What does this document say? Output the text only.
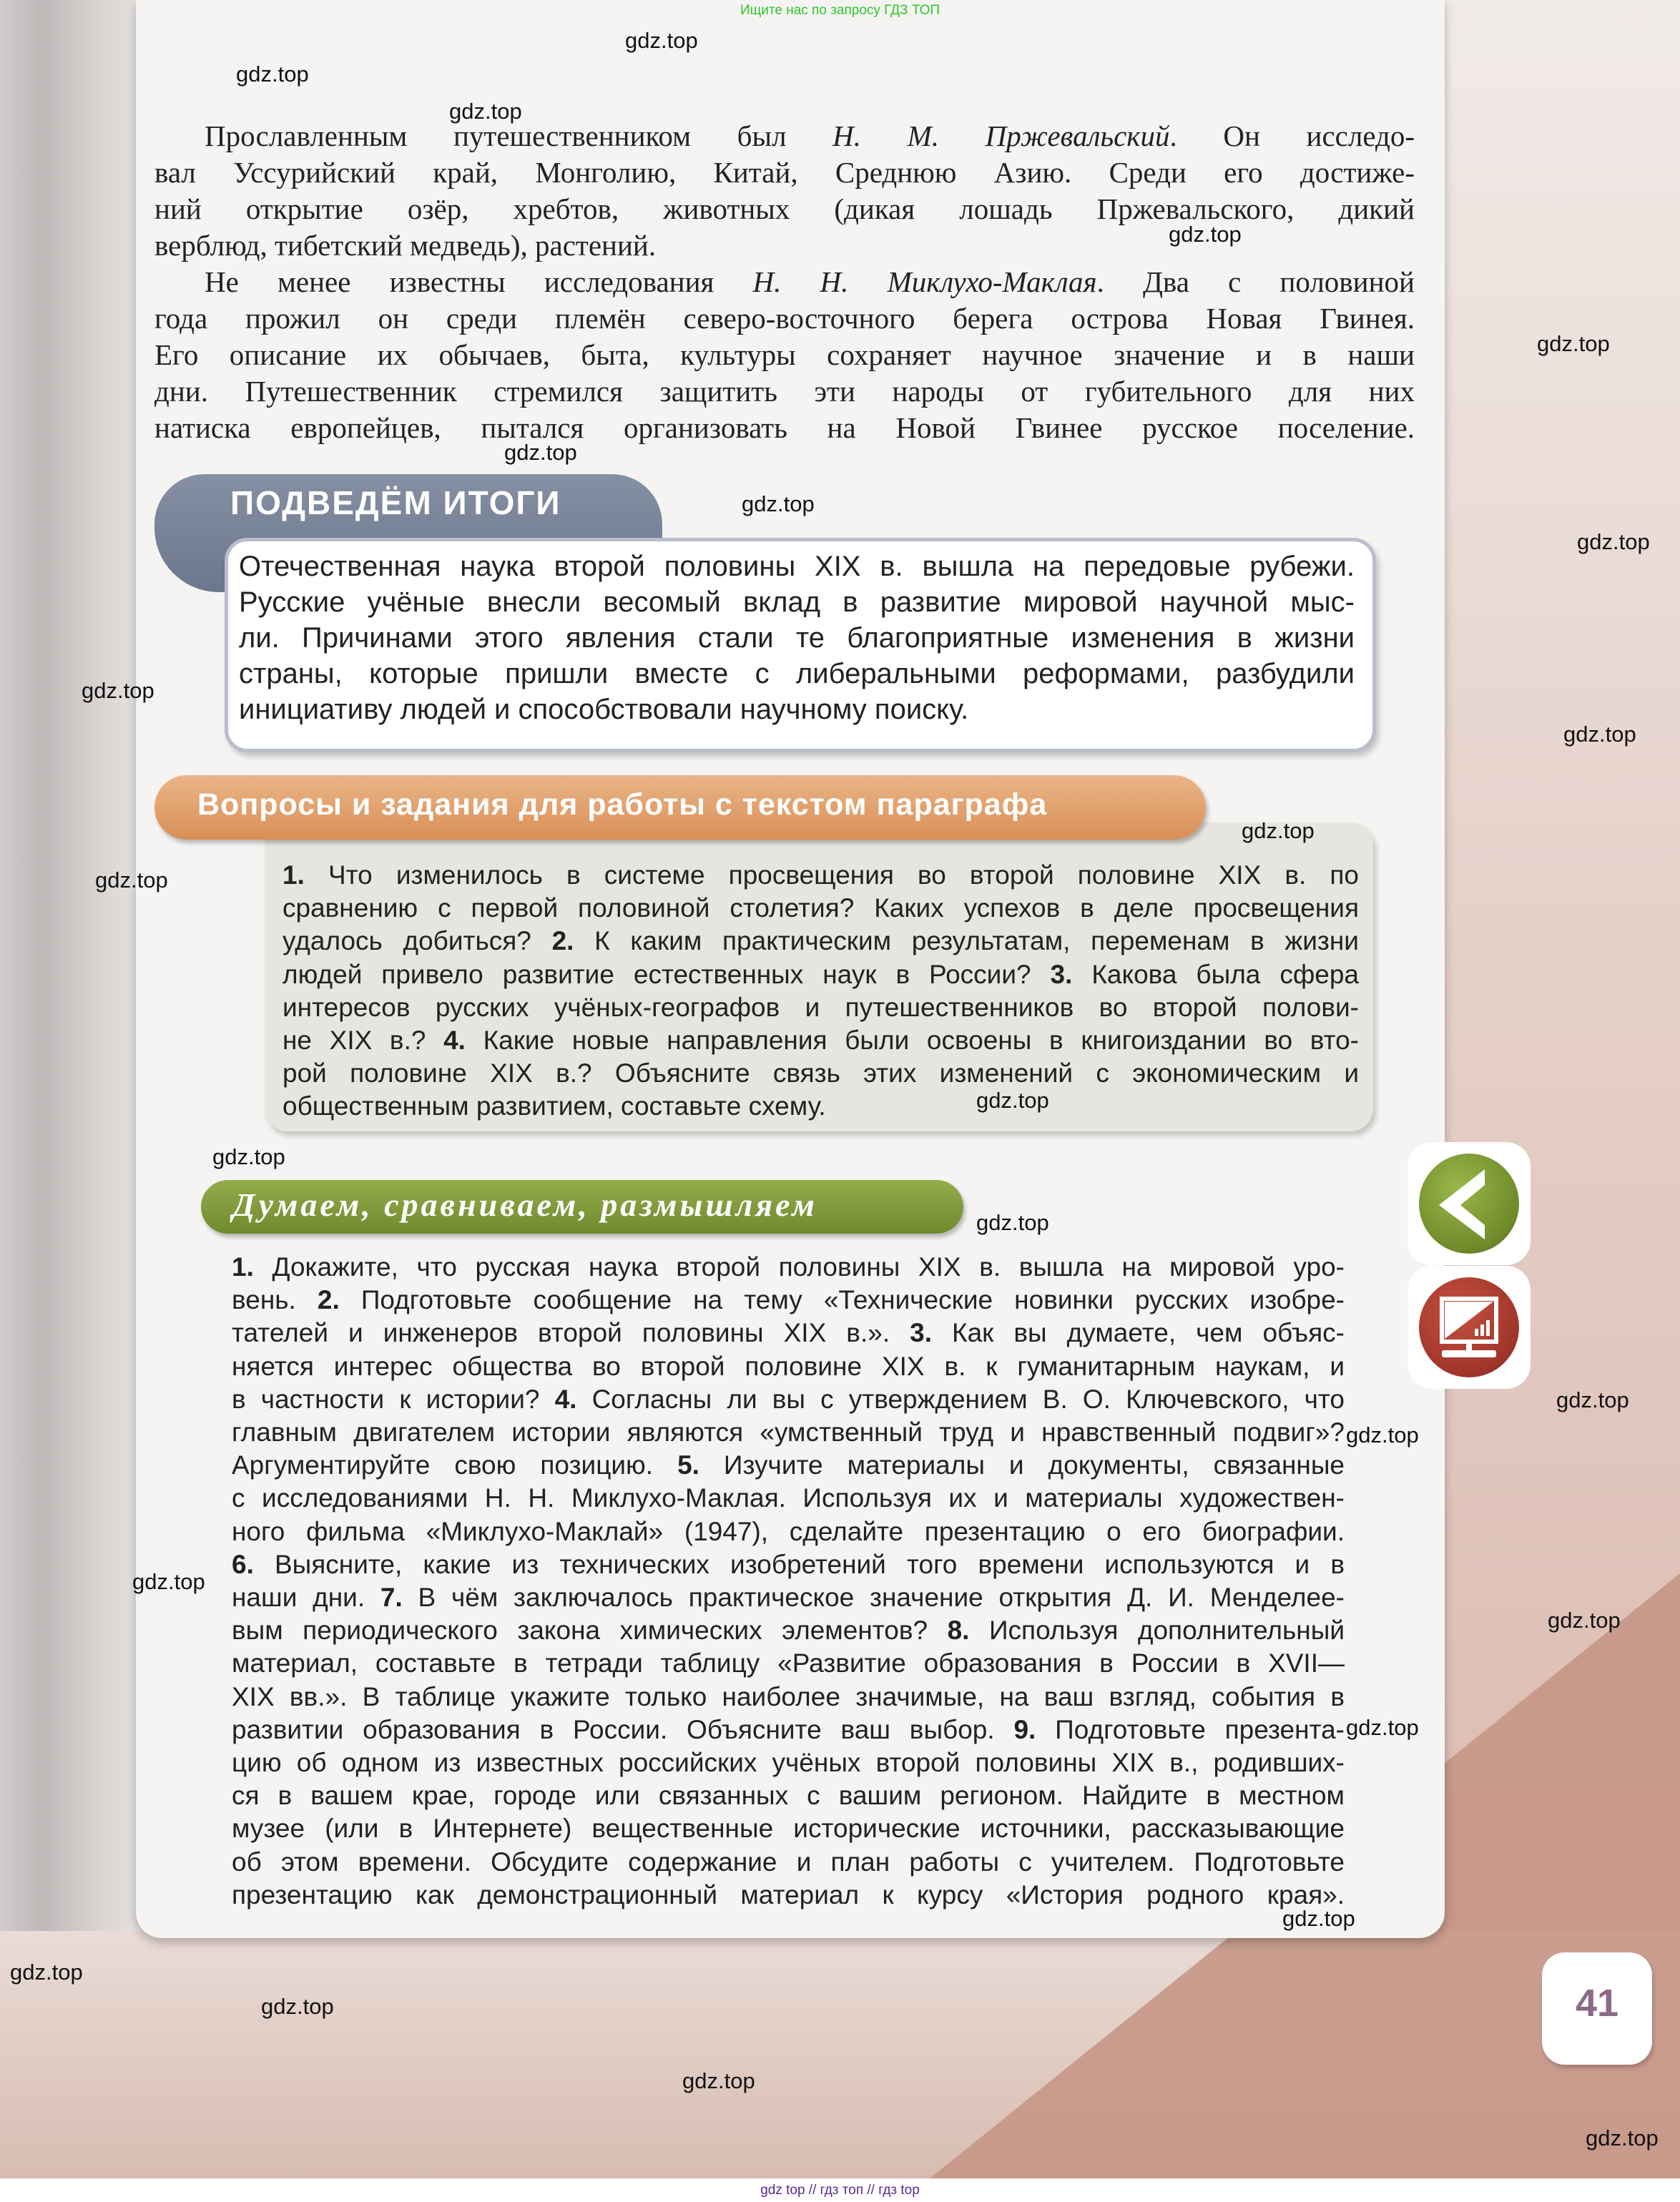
Прославленным путешественником был Н. М. Пржевальский. Он исследо-
вал Уссурийский край, Монголию, Китай, Среднюю Азию. Среди его достиже-
ний открытие озёр, хребтов, животных (дикая лошадь Пржевальского, дикий
верблюд, тибетский медведь), растений.
Не менее известны исследования Н. Н. Миклухо-Маклая. Два с половиной
года прожил он среди племён северо-восточного берега острова Новая Гвинея.
Его описание их обычаев, быта, культуры сохраняет научное значение и в наши
дни. Путешественник стремился защитить эти народы от губительного для них
натиска европейцев, пытался организовать на Новой Гвинее русское поселение.
ПОДВЕДЁМ ИТОГИ
Отечественная наука второй половины XIX в. вышла на передовые рубежи.
Русские учёные внесли весомый вклад в развитие мировой научной мыс-
ли. Причинами этого явления стали те благоприятные изменения в жизни
страны, которые пришли вместе с либеральными реформами, разбудили
инициативу людей и способствовали научному поиску.
Вопросы и задания для работы с текстом параграфа
1. Что изменилось в системе просвещения во второй половине XIX в. по
сравнению с первой половиной столетия? Каких успехов в деле просвещения
удалось добиться? 2. К каким практическим результатам, переменам в жизни
людей привело развитие естественных наук в России? 3. Какова была сфера
интересов русских учёных-географов и путешественников во второй полови-
не XIX в.? 4. Какие новые направления были освоены в книгоиздании во вто-
рой половине XIX в.? Объясните связь этих изменений с экономическим и
общественным развитием, составьте схему.
Думаем, сравниваем, размышляем
1. Докажите, что русская наука второй половины XIX в. вышла на мировой уро-
вень. 2. Подготовьте сообщение на тему «Технические новинки русских изобре-
тателей и инженеров второй половины XIX в.». 3. Как вы думаете, чем объяс-
няется интерес общества во второй половине XIX в. к гуманитарным наукам, и
в частности к истории? 4. Согласны ли вы с утверждением В. О. Ключевского, что
главным двигателем истории являются «умственный труд и нравственный подвиг»?
Аргументируйте свою позицию. 5. Изучите материалы и документы, связанные
с исследованиями Н. Н. Миклухо-Маклая. Используя их и материалы художествен-
ного фильма «Миклухо-Маклай» (1947), сделайте презентацию о его биографии.
6. Выясните, какие из технических изобретений того времени используются и в
наши дни. 7. В чём заключалось практическое значение открытия Д. И. Менделее-
вым периодического закона химических элементов? 8. Используя дополнительный
материал, составьте в тетради таблицу «Развитие образования в России в XVII—
XIX вв.». В таблице укажите только наиболее значимые, на ваш взгляд, события в
развитии образования в России. Объясните ваш выбор. 9. Подготовьте презента-
цию об одном из известных российских учёных второй половины XIX в., родивших-
ся в вашем крае, городе или связанных с вашим регионом. Найдите в местном
музее (или в Интернете) вещественные исторические источники, рассказывающие
об этом времени. Обсудите содержание и план работы с учителем. Подготовьте
презентацию как демонстрационный материал к курсу «История родного края».
41
gdz.top
gdz.top
gdz.top
gdz.top
gdz.top
gdz.top
gdz.top
gdz.top
gdz.top
gdz.top
gdz.top
gdz.top
gdz.top
gdz.top
gdz.top
gdz.top
gdz.top
gdz.top
gdz.top
gdz.top
gdz.top
gdz.top
gdz.top
gdz.top
gdz.top
Ищите нас по запросу ГДЗ ТОП
gdz top // гдз топ // гдз top
